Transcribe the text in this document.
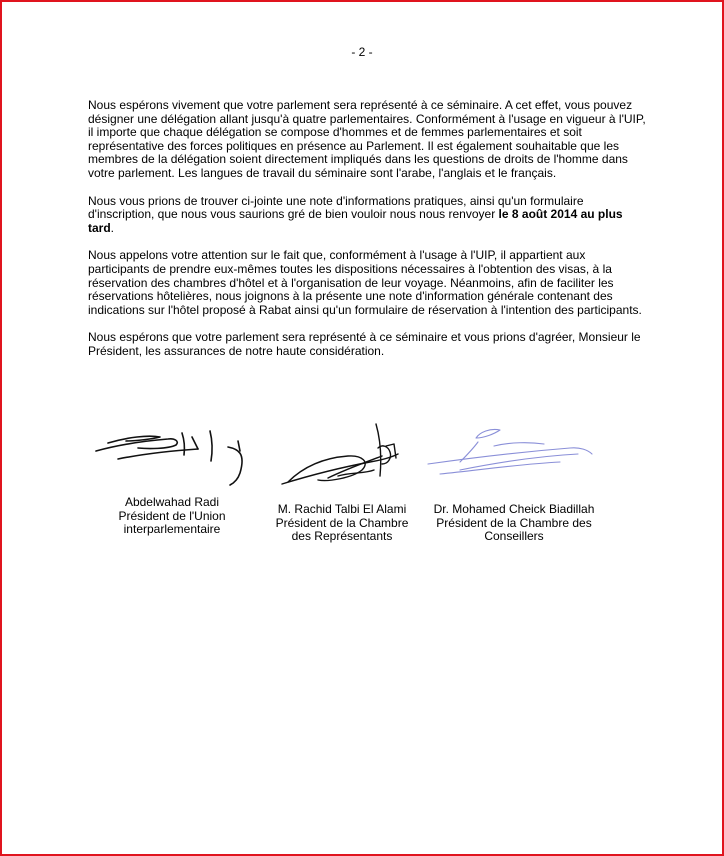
- 2 -

Nous espérons vivement que votre parlement sera représenté à ce séminaire. A cet effet, vous pouvez désigner une délégation allant jusqu'à quatre parlementaires. Conformément à l'usage en vigueur à l'UIP, il importe que chaque délégation se compose d'hommes et de femmes parlementaires et soit représentative des forces politiques en présence au Parlement. Il est également souhaitable que les membres de la délégation soient directement impliqués dans les questions de droits de l'homme dans votre parlement. Les langues de travail du séminaire sont l'arabe, l'anglais et le français.

Nous vous prions de trouver ci-jointe une note d'informations pratiques, ainsi qu'un formulaire d'inscription, que nous vous saurions gré de bien vouloir nous nous renvoyer le 8 août 2014 au plus tard.

Nous appelons votre attention sur le fait que, conformément à l'usage à l'UIP, il appartient aux participants de prendre eux-mêmes toutes les dispositions nécessaires à l'obtention des visas, à la réservation des chambres d'hôtel et à l'organisation de leur voyage. Néanmoins, afin de faciliter les réservations hôtelières, nous joignons à la présente une note d'information générale contenant des indications sur l'hôtel proposé à Rabat ainsi qu'un formulaire de réservation à l'intention des participants.

Nous espérons que votre parlement sera représenté à ce séminaire et vous prions d'agréer, Monsieur le Président, les assurances de notre haute considération.

Abdelwahad Radi
Président de l'Union
interparlementaire
M. Rachid Talbi El Alami
Président de la Chambre
des Représentants
Dr. Mohamed Cheick Biadillah
Président de la Chambre des
Conseillers
